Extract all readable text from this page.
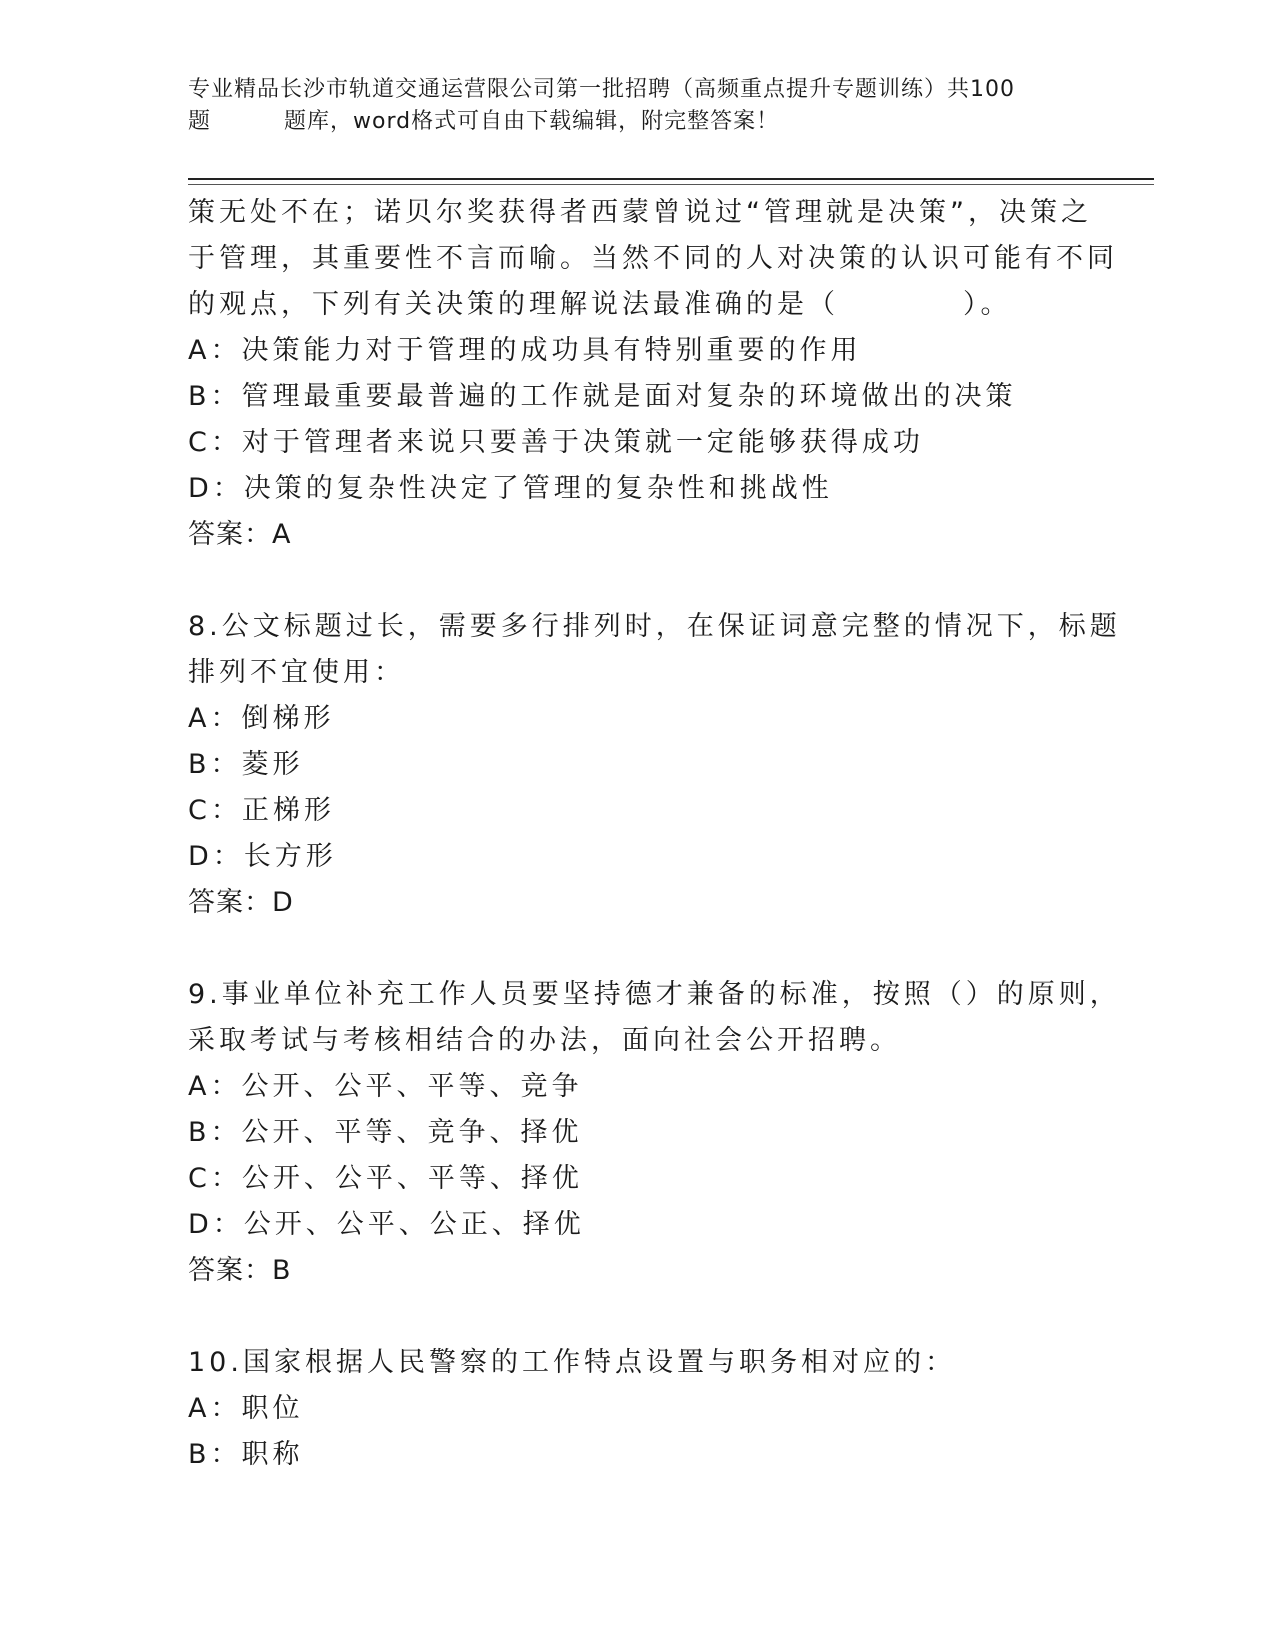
专业精品长沙市轨道交通运营限公司第一批招聘（高频重点提升专题训练）共100
题	题库，word格式可自由下载编辑，附完整答案！
策无处不在；诺贝尔奖获得者西蒙曾说过“管理就是决策”，决策之
于管理，其重要性不言而喻。当然不同的人对决策的认识可能有不同
的观点，下列有关决策的理解说法最准确的是（　　　　）。
A：决策能力对于管理的成功具有特别重要的作用
B：管理最重要最普遍的工作就是面对复杂的环境做出的决策
C：对于管理者来说只要善于决策就一定能够获得成功
D：决策的复杂性决定了管理的复杂性和挑战性
答案：A
8.公文标题过长，需要多行排列时，在保证词意完整的情况下，标题
排列不宜使用：
A：倒梯形
B：菱形
C：正梯形
D：长方形
答案：D
9.事业单位补充工作人员要坚持德才兼备的标准，按照（）的原则，
采取考试与考核相结合的办法，面向社会公开招聘。
A：公开、公平、平等、竞争
B：公开、平等、竞争、择优
C：公开、公平、平等、择优
D：公开、公平、公正、择优
答案：B
10.国家根据人民警察的工作特点设置与职务相对应的：
A：职位
B：职称
